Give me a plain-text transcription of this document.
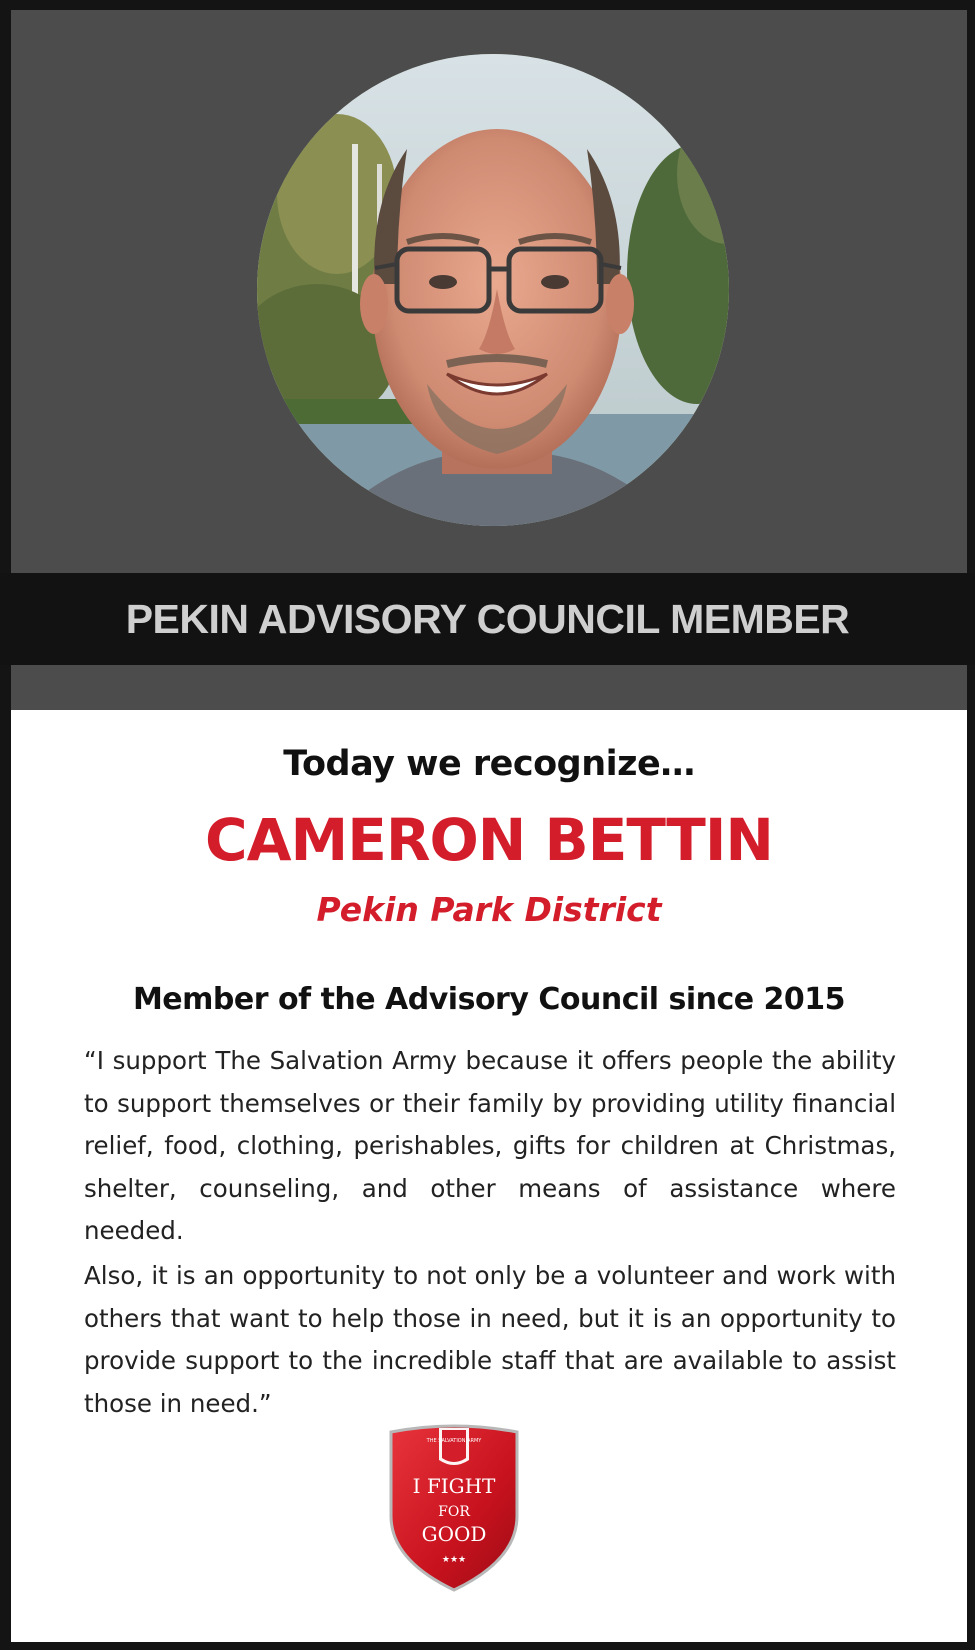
PEKIN ADVISORY COUNCIL MEMBER
Today we recognize…
CAMERON BETTIN
Pekin Park District
Member of the Advisory Council since 2015
“I support The Salvation Army because it offers people the ability to support themselves or their family by providing utility financial relief, food, clothing, perishables, gifts for children at Christmas, shelter, counseling, and other means of assistance where needed.
Also, it is an opportunity to not only be a volunteer and work with others that want to help those in need, but it is an opportunity to provide support to the incredible staff that are available to assist those in need.”
THE SALVATION ARMY
I FIGHT
FOR
GOOD
★★★
